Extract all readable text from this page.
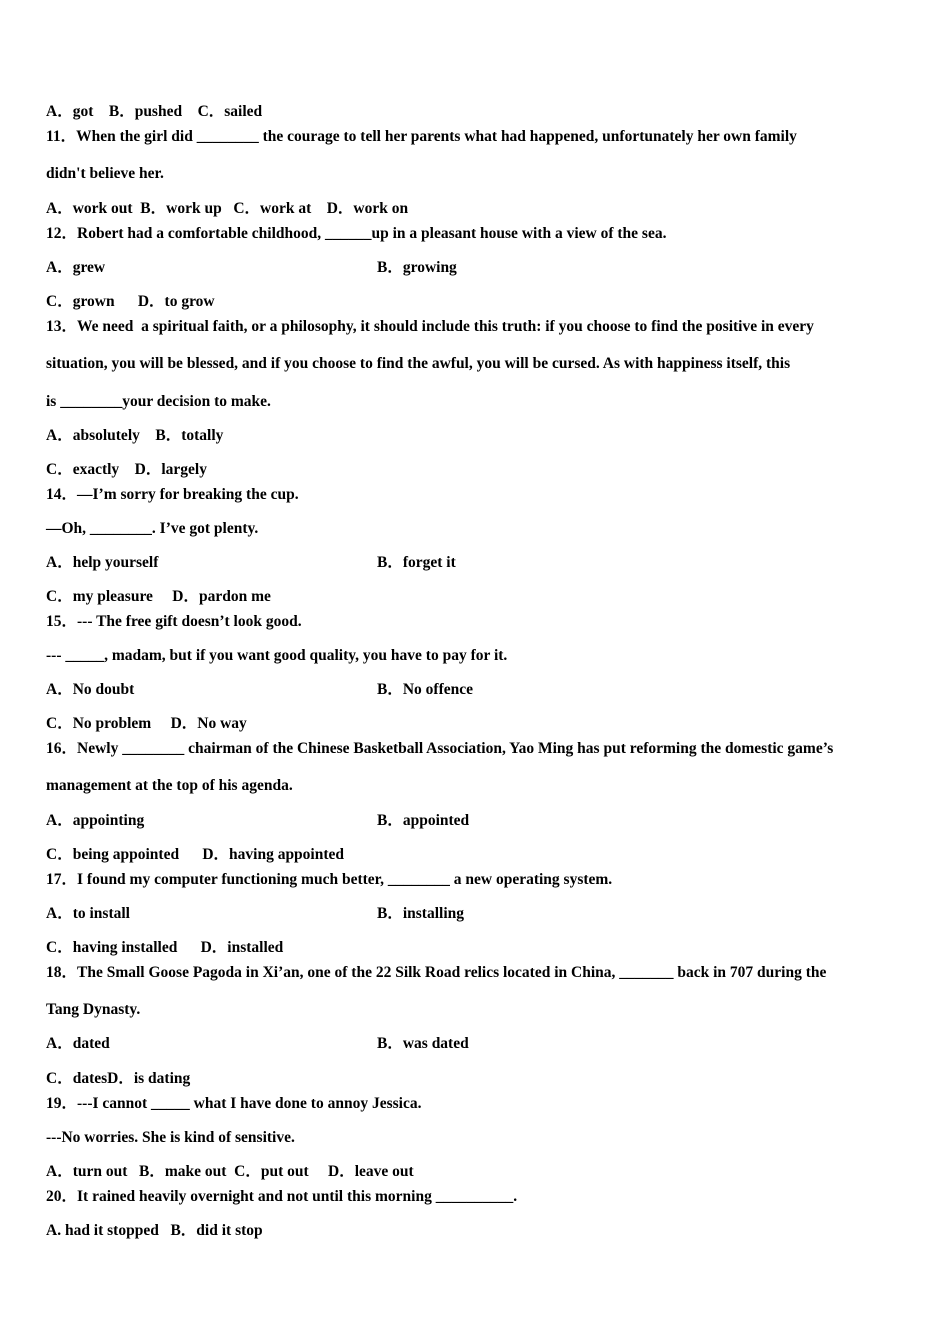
A．got    B．pushed    C．sailed
11．When the girl did ________ the courage to tell her parents what had happened, unfortunately her own family
didn't believe her.
A．work out  B．work up   C．work at    D．work on
12．Robert had a comfortable childhood, ______up in a pleasant house with a view of the sea.
A．grew	B．growing
C．grown      D．to grow
13．We need  a spiritual faith, or a philosophy, it should include this truth: if you choose to find the positive in every
situation, you will be blessed, and if you choose to find the awful, you will be cursed. As with happiness itself, this
is ________your decision to make.
A．absolutely    B．totally
C．exactly    D．largely
14．—I’m sorry for breaking the cup.
—Oh, ________. I’ve got plenty.
A．help yourself	B．forget it
C．my pleasure     D．pardon me
15．--- The free gift doesn’t look good.
--- _____, madam, but if you want good quality, you have to pay for it.
A．No doubt	B．No offence
C．No problem     D．No way
16．Newly ________ chairman of the Chinese Basketball Association, Yao Ming has put reforming the domestic game’s
management at the top of his agenda.
A．appointing	B．appointed
C．being appointed      D．having appointed
17．I found my computer functioning much better, ________ a new operating system.
A．to install	B．installing
C．having installed      D．installed
18．The Small Goose Pagoda in Xi’an, one of the 22 Silk Road relics located in China, _______ back in 707 during the
Tang Dynasty.
A．dated	B．was dated
C．datesD．is dating
19．---I cannot _____ what I have done to annoy Jessica.
---No worries. She is kind of sensitive.
A．turn out   B．make out  C．put out     D．leave out
20．It rained heavily overnight and not until this morning __________.
A. had it stopped   B．did it stop
